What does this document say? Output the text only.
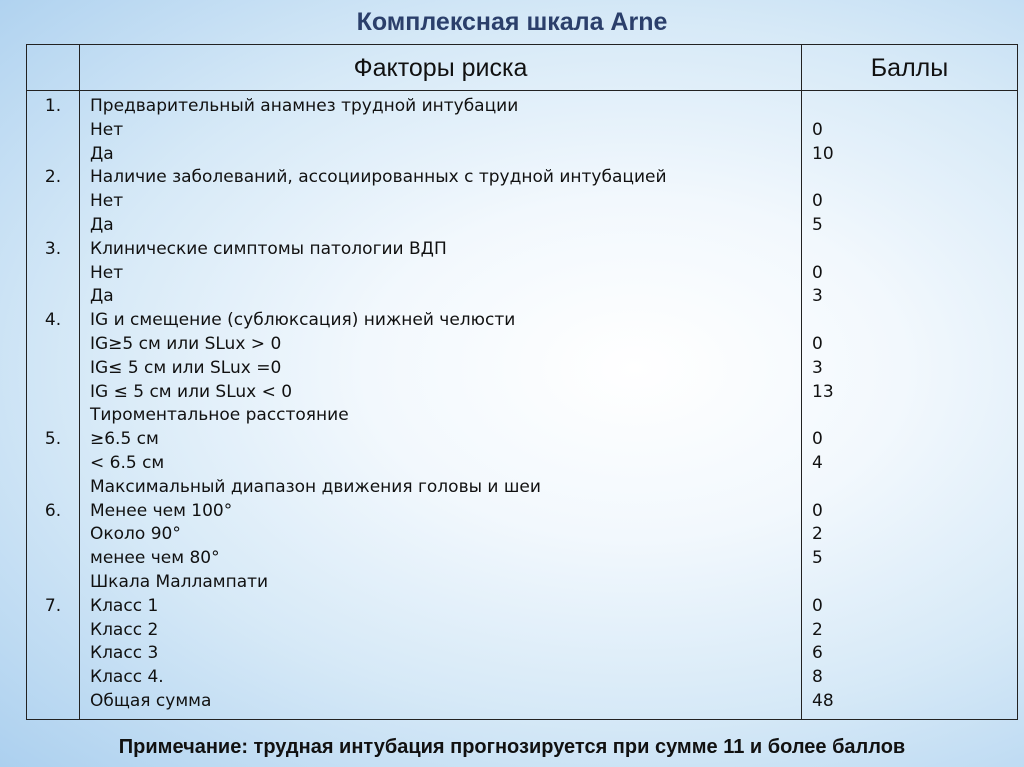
Комплексная шкала Arne
Факторы риска	Баллы
Предварительный анамнез трудной интубации
Нет
Да
Наличие заболеваний, ассоциированных с трудной интубацией
Нет
Да
Клинические симптомы патологии ВДП
Нет
Да
IG и смещение (сублюксация) нижней челюсти
IG≥5 см или SLux > 0
IG≤ 5 см или SLux =0
IG ≤ 5 см или SLux < 0
Тироментальное расстояние
≥6.5 см
< 6.5 см
Максимальный диапазон движения головы и шеи
Менее чем 100°
Около 90°
менее чем 80°
Шкала Маллампати
Класс 1
Класс 2
Класс 3
Класс 4.
Общая сумма
1.
2.
3.
4.
5.
6.
7.
0
10
0
5
0
3
0
3
13
0
4
0
2
5
0
2
6
8
48
Примечание: трудная интубация прогнозируется при сумме 11 и более баллов
